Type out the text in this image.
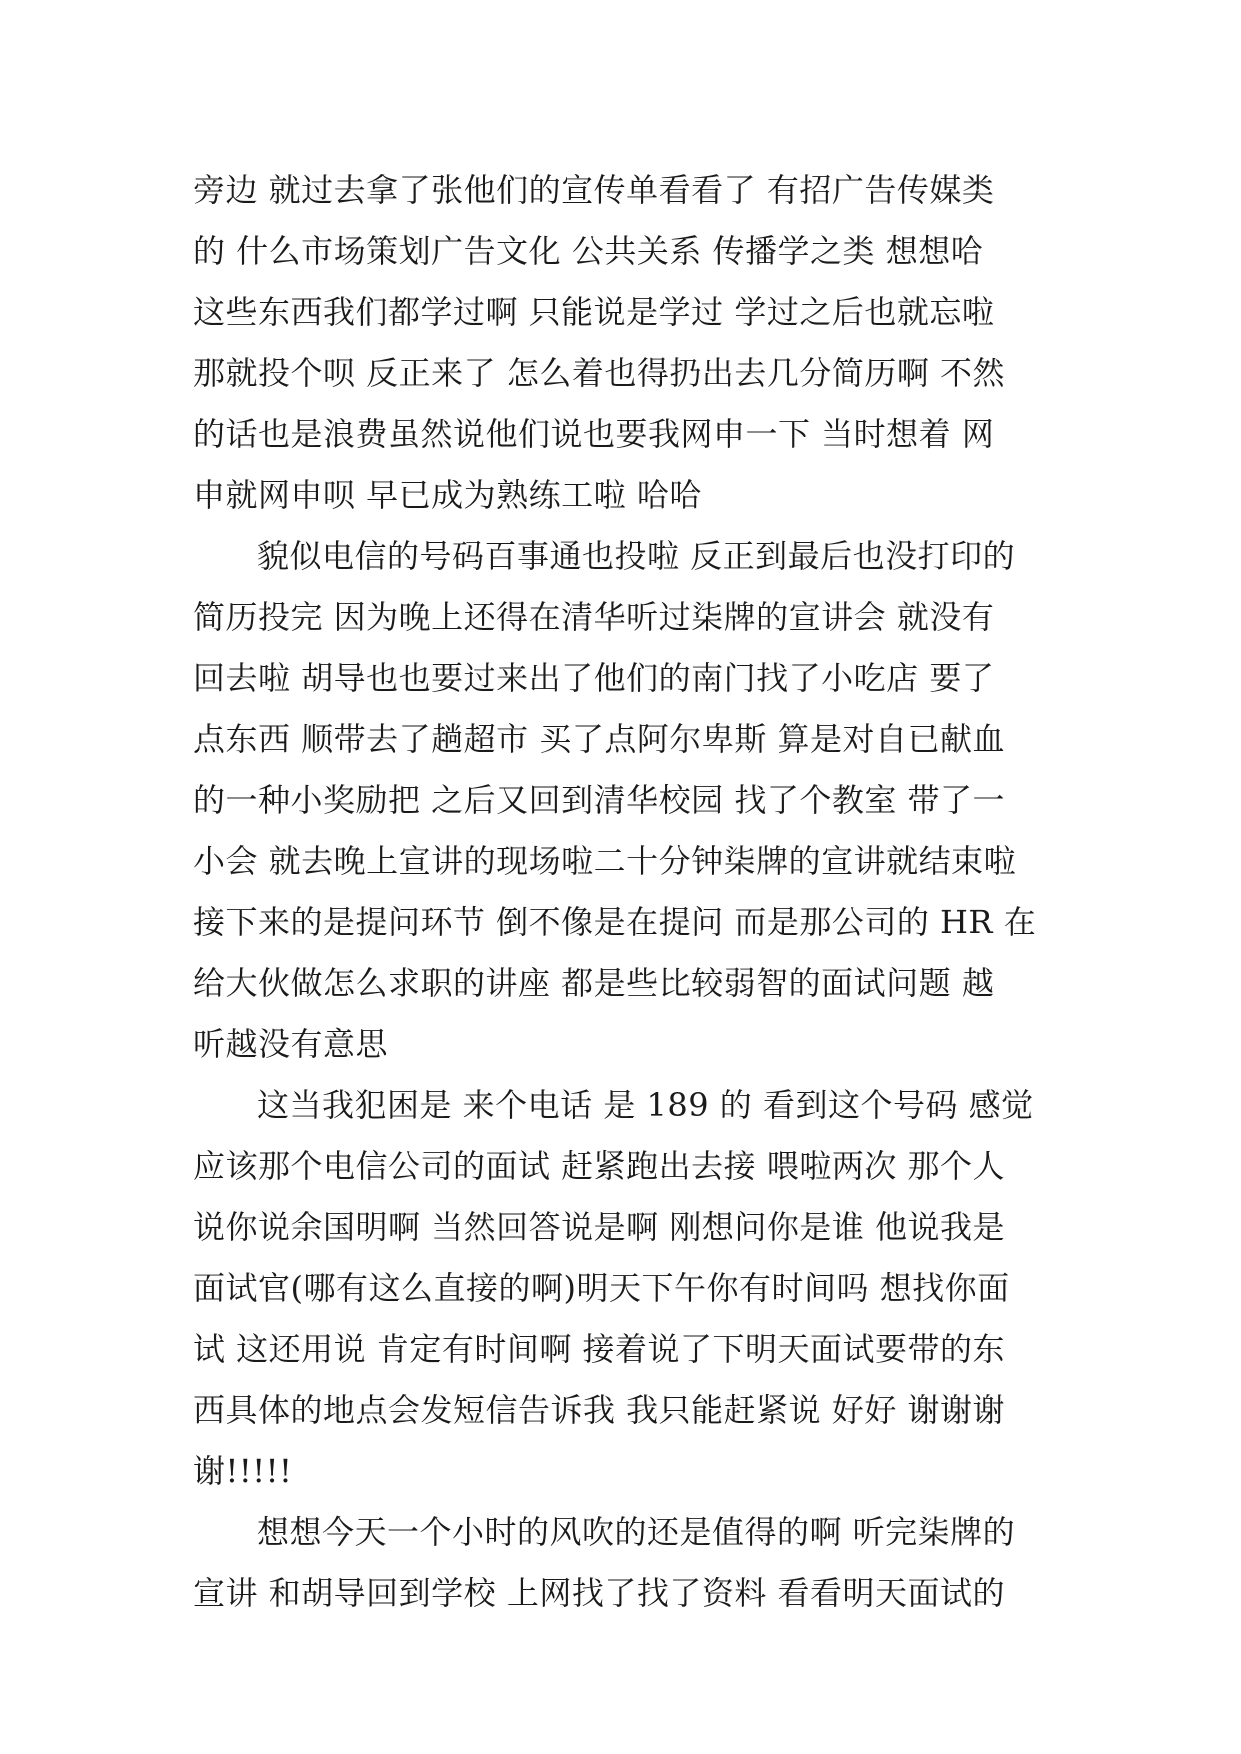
旁边 就过去拿了张他们的宣传单看看了 有招广告传媒类
的 什么市场策划广告文化 公共关系 传播学之类 想想哈
这些东西我们都学过啊 只能说是学过 学过之后也就忘啦
那就投个呗 反正来了 怎么着也得扔出去几分简历啊 不然
的话也是浪费虽然说他们说也要我网申一下 当时想着 网
申就网申呗 早已成为熟练工啦 哈哈
貌似电信的号码百事通也投啦 反正到最后也没打印的
简历投完 因为晚上还得在清华听过柒牌的宣讲会 就没有
回去啦 胡导也也要过来出了他们的南门找了小吃店 要了
点东西 顺带去了趟超市 买了点阿尔卑斯 算是对自已献血
的一种小奖励把 之后又回到清华校园 找了个教室 带了一
小会 就去晚上宣讲的现场啦二十分钟柒牌的宣讲就结束啦
接下来的是提问环节 倒不像是在提问 而是那公司的 HR 在
给大伙做怎么求职的讲座 都是些比较弱智的面试问题 越
听越没有意思
这当我犯困是 来个电话 是 189 的 看到这个号码 感觉
应该那个电信公司的面试 赶紧跑出去接 喂啦两次 那个人
说你说余国明啊 当然回答说是啊 刚想问你是谁 他说我是
面试官(哪有这么直接的啊)明天下午你有时间吗 想找你面
试 这还用说 肯定有时间啊 接着说了下明天面试要带的东
西具体的地点会发短信告诉我 我只能赶紧说 好好 谢谢谢
谢!!!!!
想想今天一个小时的风吹的还是值得的啊 听完柒牌的
宣讲 和胡导回到学校 上网找了找了资料 看看明天面试的
